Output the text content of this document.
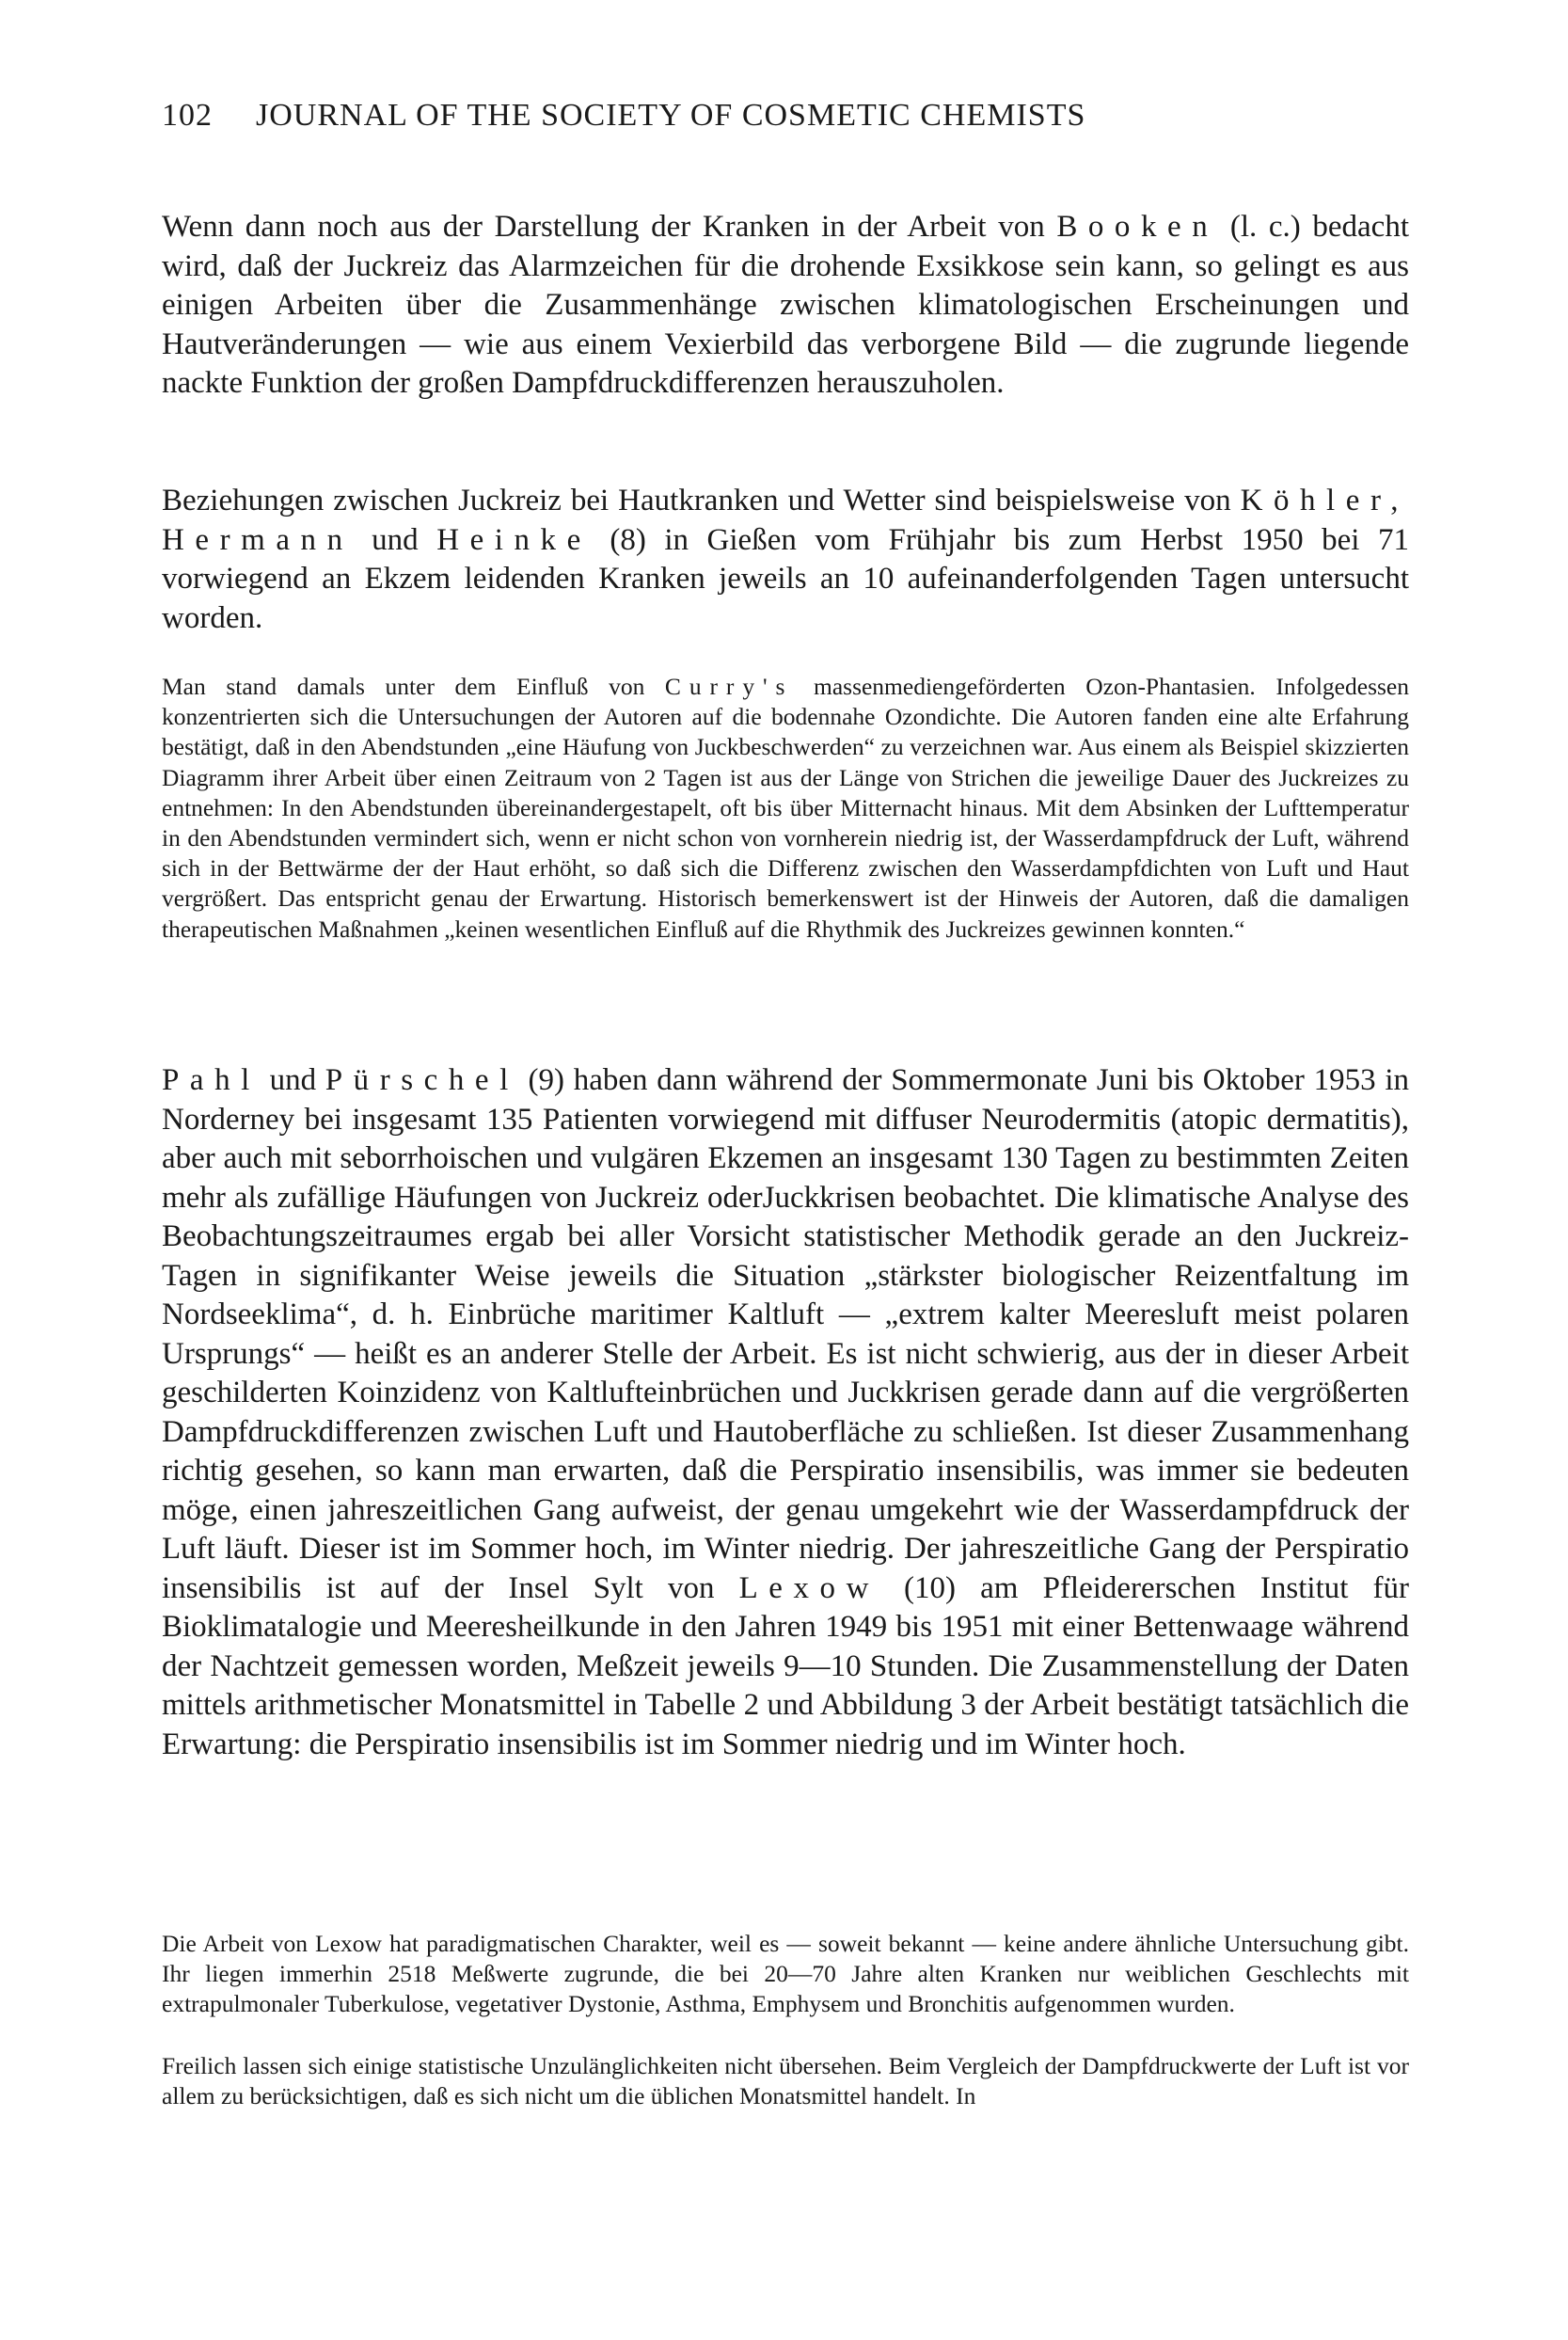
102 JOURNAL OF THE SOCIETY OF COSMETIC CHEMISTS

Wenn dann noch aus der Darstellung der Kranken in der Arbeit von Booken (l. c.) bedacht wird, daß der Juckreiz das Alarmzeichen für die drohende Exsikkose sein kann, so gelingt es aus einigen Arbeiten über die Zusammenhänge zwischen klimatologischen Erscheinungen und Hautveränderungen — wie aus einem Vexierbild das verborgene Bild — die zugrunde liegende nackte Funktion der großen Dampfdruckdifferenzen herauszuholen.

Beziehungen zwischen Juckreiz bei Hautkranken und Wetter sind beispielsweise von Köhler, Hermann und Heinke (8) in Gießen vom Frühjahr bis zum Herbst 1950 bei 71 vorwiegend an Ekzem leidenden Kranken jeweils an 10 aufeinanderfolgenden Tagen untersucht worden.

Man stand damals unter dem Einfluß von Curry's massenmediengeförderten Ozon-Phantasien. Infolgedessen konzentrierten sich die Untersuchungen der Autoren auf die bodennahe Ozondichte. Die Autoren fanden eine alte Erfahrung bestätigt, daß in den Abendstunden „eine Häufung von Juckbeschwerden“ zu verzeichnen war. Aus einem als Beispiel skizzierten Diagramm ihrer Arbeit über einen Zeitraum von 2 Tagen ist aus der Länge von Strichen die jeweilige Dauer des Juckreizes zu entnehmen: In den Abendstunden übereinandergestapelt, oft bis über Mitternacht hinaus. Mit dem Absinken der Lufttemperatur in den Abendstunden vermindert sich, wenn er nicht schon von vornherein niedrig ist, der Wasserdampfdruck der Luft, während sich in der Bettwärme der der Haut erhöht, so daß sich die Differenz zwischen den Wasserdampfdichten von Luft und Haut vergrößert. Das entspricht genau der Erwartung. Historisch bemerkenswert ist der Hinweis der Autoren, daß die damaligen therapeutischen Maßnahmen „keinen wesentlichen Einfluß auf die Rhythmik des Juckreizes gewinnen konnten.“

Pahl und Pürschel (9) haben dann während der Sommermonate Juni bis Oktober 1953 in Norderney bei insgesamt 135 Patienten vorwiegend mit diffuser Neurodermitis (atopic dermatitis), aber auch mit seborrhoischen und vulgären Ekzemen an insgesamt 130 Tagen zu bestimmten Zeiten mehr als zufällige Häufungen von Juckreiz oderJuckkrisen beobachtet. Die klimatische Analyse des Beobachtungszeitraumes ergab bei aller Vorsicht statistischer Methodik gerade an den Juckreiz-Tagen in signifikanter Weise jeweils die Situation „stärkster biologischer Reizentfaltung im Nordseeklima“, d. h. Einbrüche maritimer Kaltluft — „extrem kalter Meeresluft meist polaren Ursprungs“ — heißt es an anderer Stelle der Arbeit. Es ist nicht schwierig, aus der in dieser Arbeit geschilderten Koinzidenz von Kaltlufteinbrüchen und Juckkrisen gerade dann auf die vergrößerten Dampfdruckdifferenzen zwischen Luft und Hautoberfläche zu schließen. Ist dieser Zusammenhang richtig gesehen, so kann man erwarten, daß die Perspiratio insensibilis, was immer sie bedeuten möge, einen jahreszeitlichen Gang aufweist, der genau umgekehrt wie der Wasserdampfdruck der Luft läuft. Dieser ist im Sommer hoch, im Winter niedrig. Der jahreszeitliche Gang der Perspiratio insensibilis ist auf der Insel Sylt von Lexow (10) am Pfleidererschen Institut für Bioklimatalogie und Meeresheilkunde in den Jahren 1949 bis 1951 mit einer Bettenwaage während der Nachtzeit gemessen worden, Meßzeit jeweils 9—10 Stunden. Die Zusammenstellung der Daten mittels arithmetischer Monatsmittel in Tabelle 2 und Abbildung 3 der Arbeit bestätigt tatsächlich die Erwartung: die Perspiratio insensibilis ist im Sommer niedrig und im Winter hoch.

Die Arbeit von Lexow hat paradigmatischen Charakter, weil es — soweit bekannt — keine andere ähnliche Untersuchung gibt. Ihr liegen immerhin 2518 Meßwerte zugrunde, die bei 20—70 Jahre alten Kranken nur weiblichen Geschlechts mit extrapulmonaler Tuberkulose, vegetativer Dystonie, Asthma, Emphysem und Bronchitis aufgenommen wurden.

Freilich lassen sich einige statistische Unzulänglichkeiten nicht übersehen. Beim Vergleich der Dampfdruckwerte der Luft ist vor allem zu berücksichtigen, daß es sich nicht um die üblichen Monatsmittel handelt. In
